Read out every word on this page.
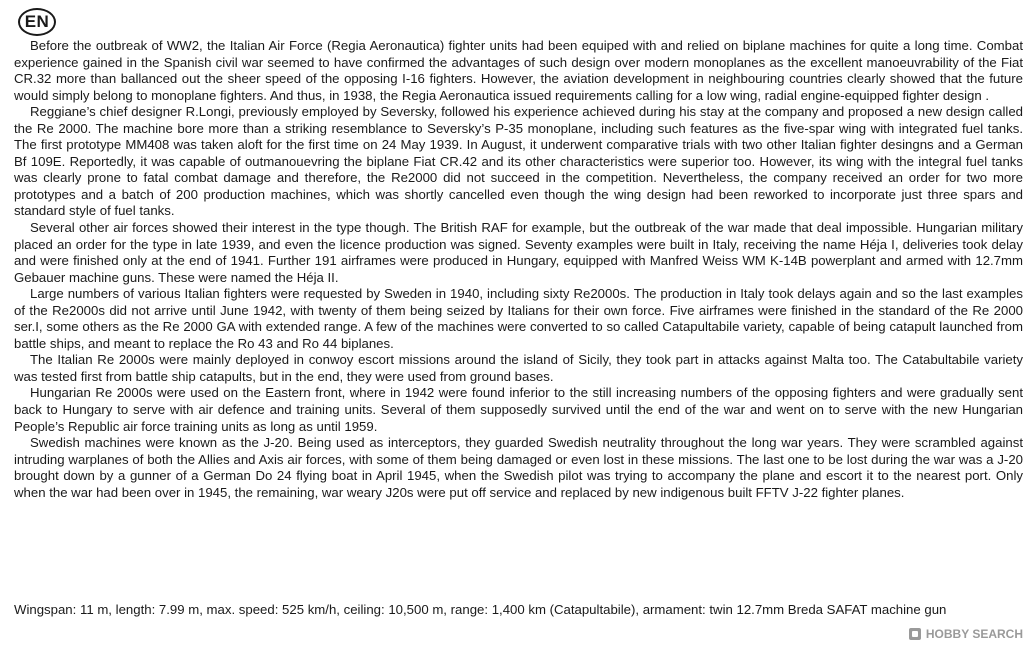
EN

Before the outbreak of WW2, the Italian Air Force (Regia Aeronautica) fighter units had been equiped with and relied on biplane machines for quite a long time. Combat experience gained in the Spanish civil war seemed to have confirmed the advantages of such design over modern monoplanes as the excellent manoeuvrability of the Fiat CR.32 more than ballanced out the sheer speed of the opposing I-16 fighters. However, the aviation development in neighbouring countries clearly showed that the future would simply belong to monoplane fighters. And thus, in 1938, the Regia Aeronautica issued requirements calling for a low wing, radial engine-equipped fighter design .

Reggiane’s chief designer R.Longi, previously employed by Seversky, followed his experience achieved during his stay at the company and proposed a new design called the Re 2000. The machine bore more than a striking resemblance to Seversky’s P-35 monoplane, including such features as the five-spar wing with integrated fuel tanks. The first prototype MM408 was taken aloft for the first time on 24 May 1939. In August, it underwent comparative trials with two other Italian fighter desingns and a German Bf 109E. Reportedly, it was capable of outmanouevring the biplane Fiat CR.42 and its other characteristics were superior too. However, its wing with the integral fuel tanks was clearly prone to fatal combat damage and therefore, the Re2000 did not succeed in the competition. Nevertheless, the company received an order for two more prototypes and a batch of 200 production machines, which was shortly cancelled even though the wing design had been reworked to incorporate just three spars and standard style of fuel tanks.

Several other air forces showed their interest in the type though. The British RAF for example, but the outbreak of the war made that deal impossible. Hungarian military placed an order for the type in late 1939, and even the licence production was signed. Seventy examples were built in Italy, receiving the name Héja I, deliveries took delay and were finished only at the end of 1941. Further 191 airframes were produced in Hungary, equipped with Manfred Weiss WM K-14B powerplant and armed with 12.7mm Gebauer machine guns. These were named the Héja II.

Large numbers of various Italian fighters were requested by Sweden in 1940, including sixty Re2000s. The production in Italy took delays again and so the last examples of the Re2000s did not arrive until June 1942, with twenty of them being seized by Italians for their own force. Five airframes were finished in the standard of the Re 2000 ser.I, some others as the Re 2000 GA with extended range. A few of the machines were converted to so called Catapultabile variety, capable of being catapult launched from battle ships, and meant to replace the Ro 43 and Ro 44 biplanes.

The Italian Re 2000s were mainly deployed in conwoy escort missions around the island of Sicily, they took part in attacks against Malta too. The Catabultabile variety was tested first from battle ship catapults, but in the end, they were used from ground bases.

Hungarian Re 2000s were used on the Eastern front, where in 1942 were found inferior to the still increasing numbers of the opposing fighters and were gradually sent back to Hungary to serve with air defence and training units. Several of them supposedly survived until the end of the war and went on to serve with the new Hungarian People’s Republic air force training units as long as until 1959.

Swedish machines were known as the J-20. Being used as interceptors, they guarded Swedish neutrality throughout the long war years. They were scrambled against intruding warplanes of both the Allies and Axis air forces, with some of them being damaged or even lost in these missions. The last one to be lost during the war was a J-20 brought down by a gunner of a German Do 24 flying boat in April 1945, when the Swedish pilot was trying to accompany the plane and escort it to the nearest port. Only when the war had been over in 1945, the remaining, war weary J20s were put off service and replaced by new indigenous built FFTV J-22 fighter planes.

Wingspan: 11 m, length: 7.99 m, max. speed: 525 km/h, ceiling: 10,500 m, range: 1,400 km (Catapultabile), armament: twin 12.7mm Breda SAFAT machine gun
HOBBY SEARCH
